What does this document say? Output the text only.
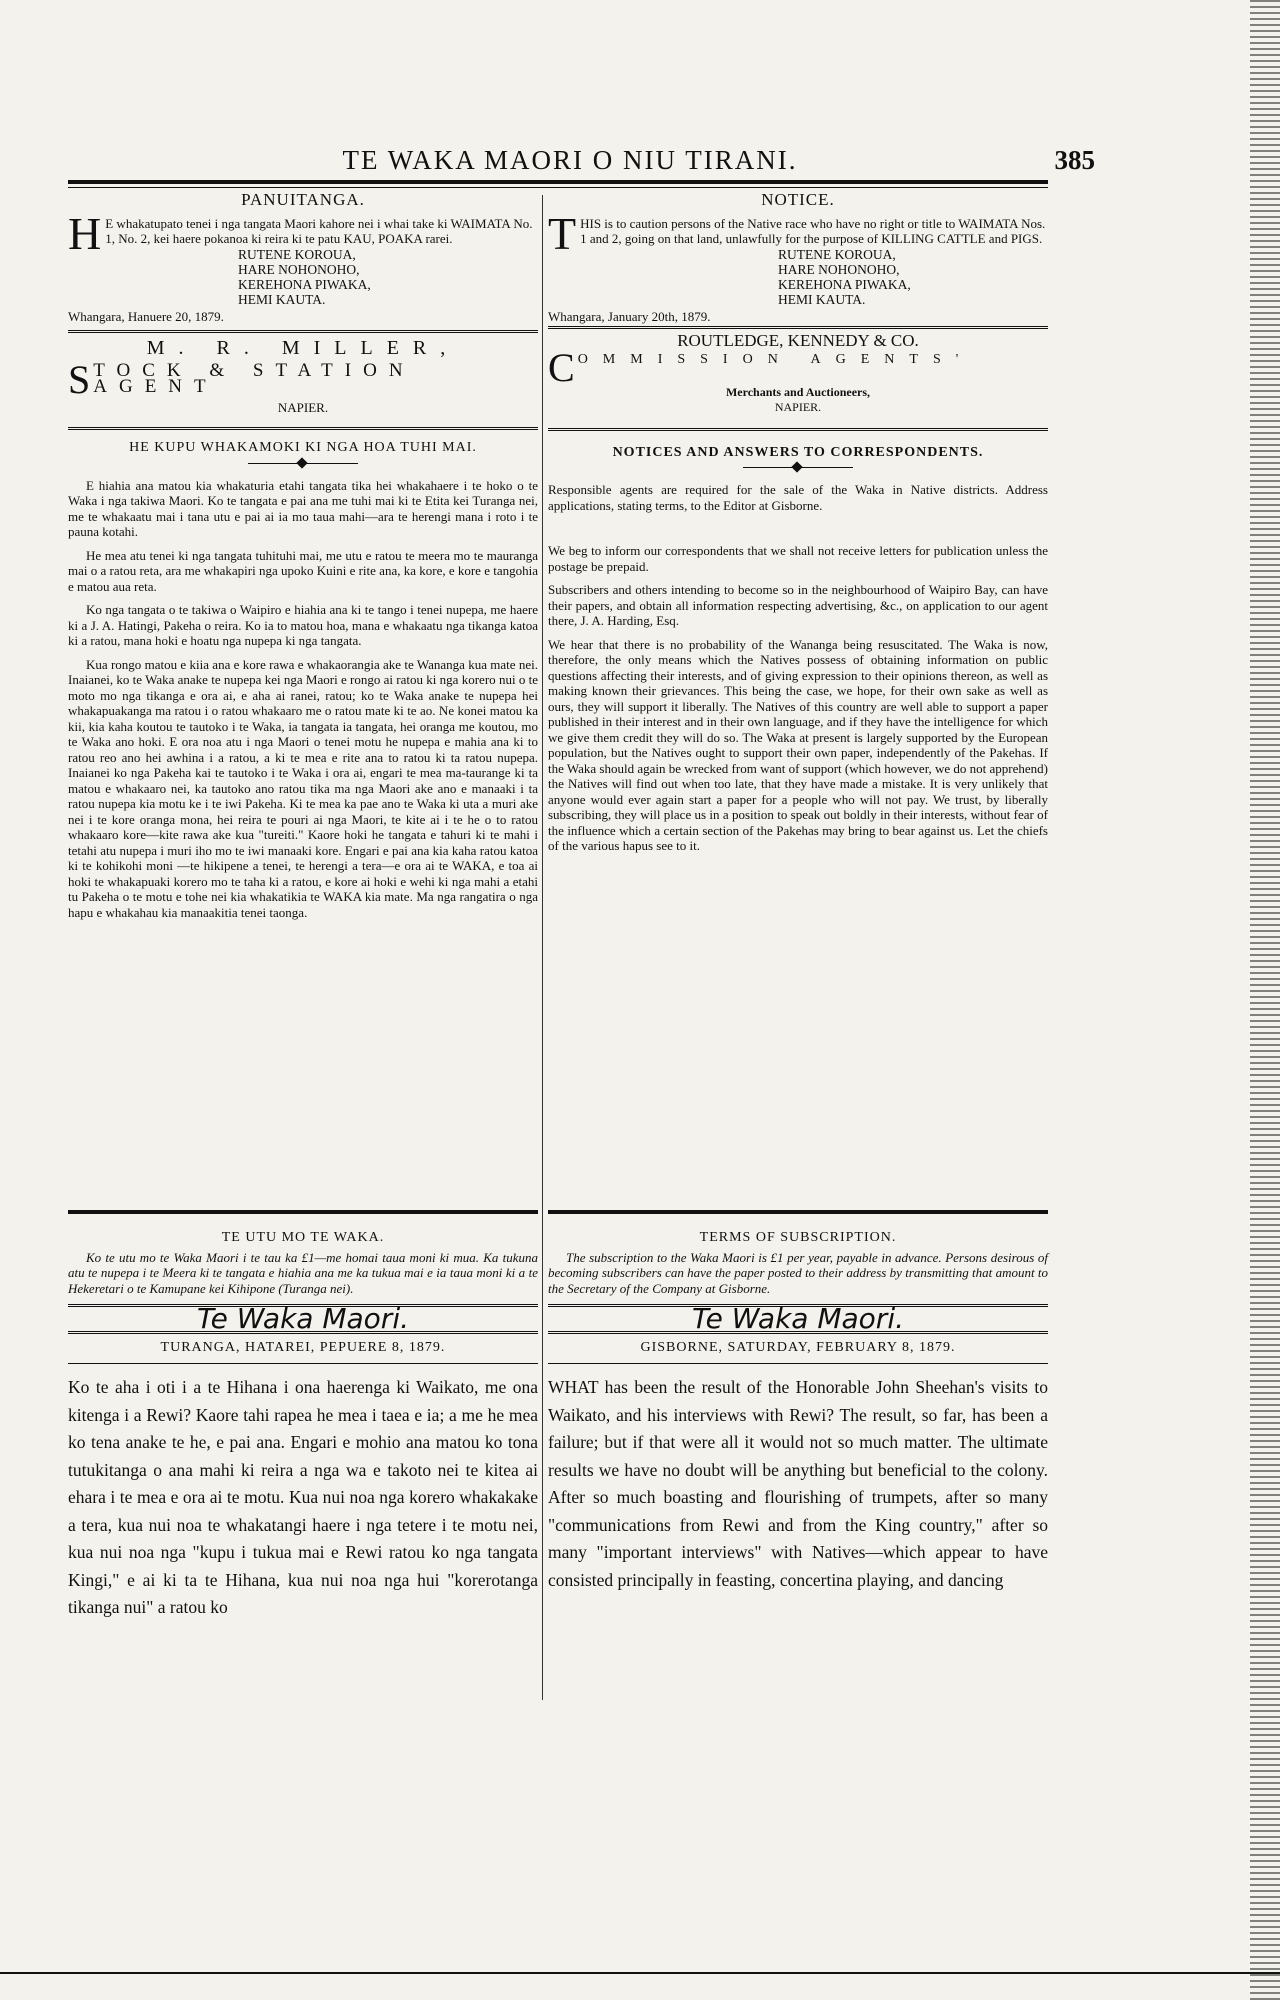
TE WAKA MAORI O NIU TIRANI.	385
PANUITANGA.
H E whakatupato tenei i nga tangata Maori kahore nei i whai take ki WAIMATA No. 1, No. 2, kei haere pokanoa ki reira ki te patu KAU, POAKA rarei.
RUTENE KOROUA,
HARE NOHONOHO,
KEREHONA PIWAKA,
HEMI KAUTA.
Whangara, Hanuere 20, 1879.
M. R. MILLER,
S TOCK & STATION AGENT
NAPIER.
HE KUPU WHAKAMOKI KI NGA HOA TUHI MAI.

E hiahia ana matou kia whakaturia etahi tangata tika hei whakahaere i te hoko o te Waka i nga takiwa Maori. Ko te tangata e pai ana me tuhi mai ki te Etita kei Turanga nei, me te whakaatu mai i tana utu e pai ai ia mo taua mahi—ara te herengi mana i roto i te pauna kotahi.

He mea atu tenei ki nga tangata tuhituhi mai, me utu e ratou te meera mo te mauranga mai o a ratou reta, ara me whakapiri nga upoko Kuini e rite ana, ka kore, e kore e tangohia e matou aua reta.

Ko nga tangata o te takiwa o Waipiro e hiahia ana ki te tango i tenei nupepa, me haere ki a J. A. Hatingi, Pakeha o reira. Ko ia to matou hoa, mana e whakaatu nga tikanga katoa ki a ratou, mana hoki e hoatu nga nupepa ki nga tangata.

Kua rongo matou e kiia ana e kore rawa e whakaorangia ake te Wananga kua mate nei. Inaianei, ko te Waka anake te nupepa kei nga Maori e rongo ai ratou ki nga korero nui o te moto mo nga tikanga e ora ai, e aha ai ranei, ratou; ko te Waka anake te nupepa hei whakapuakanga ma ratou i o ratou whakaaro me o ratou mate ki te ao. Ne konei matou ka kii, kia kaha koutou te tautoko i te Waka, ia tangata ia tangata, hei oranga me koutou, mo te Waka ano hoki. E ora noa atu i nga Maori o tenei motu he nupepa e mahia ana ki to ratou reo ano hei awhina i a ratou, a ki te mea e rite ana to ratou ki ta ratou nupepa. Inaianei ko nga Pakeha kai te tautoko i te Waka i ora ai, engari te mea ma-taurange ki ta matou e whakaaro nei, ka tautoko ano ratou tika ma nga Maori ake ano e manaaki i ta ratou nupepa kia motu ke i te iwi Pakeha. Ki te mea ka pae ano te Waka ki uta a muri ake nei i te kore oranga mona, hei reira te pouri ai nga Maori, te kite ai i te he o to ratou whakaaro kore—kite rawa ake kua "tureiti." Kaore hoki he tangata e tahuri ki te mahi i tetahi atu nupepa i muri iho mo te iwi manaaki kore. Engari e pai ana kia kaha ratou katoa ki te kohikohi moni —te hikipene a tenei, te herengi a tera—e ora ai te WAKA, e toa ai hoki te whakapuaki korero mo te taha ki a ratou, e kore ai hoki e wehi ki nga mahi a etahi tu Pakeha o te motu e tohe nei kia whakatikia te WAKA kia mate. Ma nga rangatira o nga hapu e whakahau kia manaakitia tenei taonga.

TE UTU MO TE WAKA.

Ko te utu mo te Waka Maori i te tau ka £1—me homai taua moni ki mua. Ka tukuna atu te nupepa i te Meera ki te tangata e hiahia ana me ka tukua mai e ia taua moni ki a te Hekeretari o te Kamupane kei Kihipone (Turanga nei).

Te Waka Maori.
TURANGA, HATAREI, PEPUERE 8, 1879.

Ko te aha i oti i a te Hihana i ona haerenga ki Waikato, me ona kitenga i a Rewi? Kaore tahi rapea he mea i taea e ia; a me he mea ko tena anake te he, e pai ana. Engari e mohio ana matou ko tona tutukitanga o ana mahi ki reira a nga wa e takoto nei te kitea ai ehara i te mea e ora ai te motu. Kua nui noa nga korero whakakake a tera, kua nui noa te whakatangi haere i nga tetere i te motu nei, kua nui noa nga "kupu i tukua mai e Rewi ratou ko nga tangata Kingi," e ai ki ta te Hihana, kua nui noa nga hui "korerotanga tikanga nui" a ratou ko

NOTICE.
T HIS is to caution persons of the Native race who have no right or title to WAIMATA Nos. 1 and 2, going on that land, unlawfully for the purpose of KILLING CATTLE and PIGS.
RUTENE KOROUA,
HARE NOHONOHO,
KEREHONA PIWAKA,
HEMI KAUTA.
Whangara, January 20th, 1879.
ROUTLEDGE, KENNEDY & CO.
C OMMISSION AGENTS'
Merchants and Auctioneers,
NAPIER.
NOTICES AND ANSWERS TO CORRESPONDENTS.

Responsible agents are required for the sale of the Waka in Native districts. Address applications, stating terms, to the Editor at Gisborne.

We beg to inform our correspondents that we shall not receive letters for publication unless the postage be prepaid.

Subscribers and others intending to become so in the neighbourhood of Waipiro Bay, can have their papers, and obtain all information respecting advertising, &c., on application to our agent there, J. A. Harding, Esq.

We hear that there is no probability of the Wananga being resuscitated. The Waka is now, therefore, the only means which the Natives possess of obtaining information on public questions affecting their interests, and of giving expression to their opinions thereon, as well as making known their grievances. This being the case, we hope, for their own sake as well as ours, they will support it liberally. The Natives of this country are well able to support a paper published in their interest and in their own language, and if they have the intelligence for which we give them credit they will do so. The Waka at present is largely supported by the European population, but the Natives ought to support their own paper, independently of the Pakehas. If the Waka should again be wrecked from want of support (which however, we do not apprehend) the Natives will find out when too late, that they have made a mistake. It is very unlikely that anyone would ever again start a paper for a people who will not pay. We trust, by liberally subscribing, they will place us in a position to speak out boldly in their interests, without fear of the influence which a certain section of the Pakehas may bring to bear against us. Let the chiefs of the various hapus see to it.

TERMS OF SUBSCRIPTION.

The subscription to the Waka Maori is £1 per year, payable in advance. Persons desirous of becoming subscribers can have the paper posted to their address by transmitting that amount to the Secretary of the Company at Gisborne.

Te Waka Maori.
GISBORNE, SATURDAY, FEBRUARY 8, 1879.

WHAT has been the result of the Honorable John Sheehan's visits to Waikato, and his interviews with Rewi? The result, so far, has been a failure; but if that were all it would not so much matter. The ultimate results we have no doubt will be anything but beneficial to the colony. After so much boasting and flourishing of trumpets, after so many "communications from Rewi and from the King country," after so many "important interviews" with Natives—which appear to have consisted principally in feasting, concertina playing, and dancing
